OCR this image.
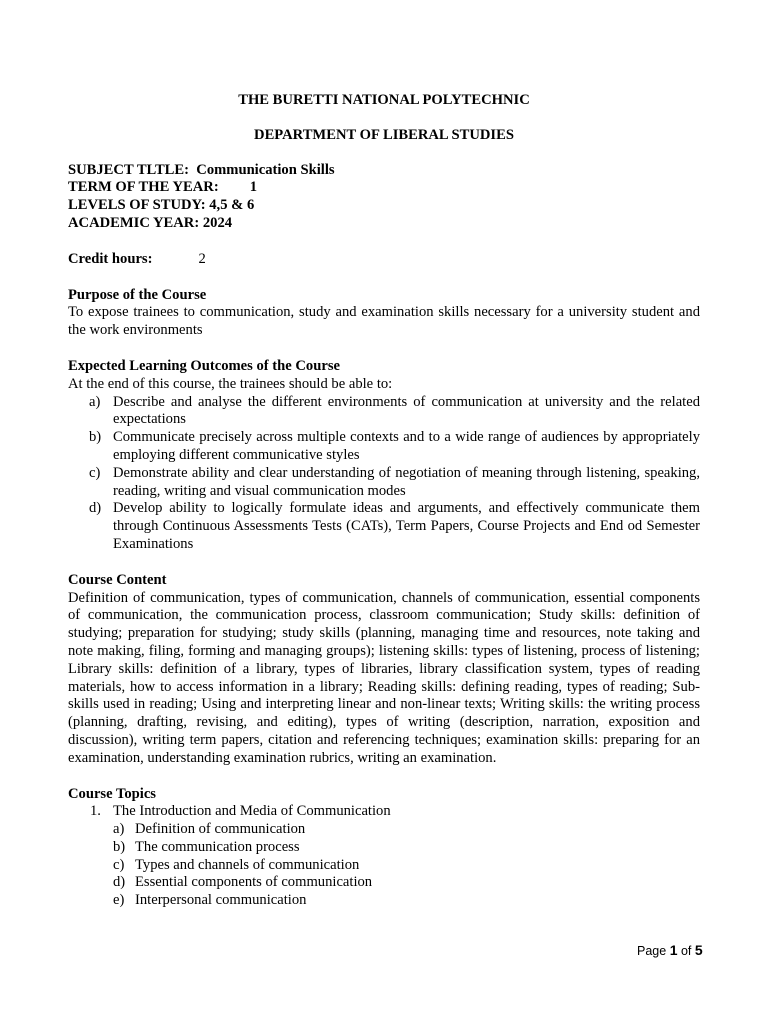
THE BURETTI NATIONAL POLYTECHNIC

DEPARTMENT OF LIBERAL STUDIES

SUBJECT TLTLE:  Communication Skills
TERM OF THE YEAR: 1
LEVELS OF STUDY: 4,5 & 6
ACADEMIC YEAR: 2024

Credit hours:	2

Purpose of the Course

To expose trainees to communication, study and examination skills necessary for a university student and the work environments

Expected Learning Outcomes of the Course

At the end of this course, the trainees should be able to:

a) Describe and analyse the different environments of communication at university and the related expectations
b) Communicate precisely across multiple contexts and to a wide range of audiences by appropriately employing different communicative styles
c) Demonstrate ability and clear understanding of negotiation of meaning through listening, speaking, reading, writing and visual communication modes
d) Develop ability to logically formulate ideas and arguments, and effectively communicate them through Continuous Assessments Tests (CATs), Term Papers, Course Projects and End od Semester Examinations

Course Content

Definition of communication, types of communication, channels of communication, essential components of communication, the communication process, classroom communication; Study skills: definition of studying; preparation for studying; study skills (planning, managing time and resources, note taking and note making, filing, forming and managing groups); listening skills: types of listening, process of listening; Library skills: definition of a library, types of libraries, library classification system, types of reading materials, how to access information in a library; Reading skills: defining reading, types of reading; Sub-skills used in reading; Using and interpreting linear and non-linear texts; Writing skills: the writing process (planning, drafting, revising, and editing), types of writing (description, narration, exposition and discussion), writing term papers, citation and referencing techniques; examination skills: preparing for an examination, understanding examination rubrics, writing an examination.

Course Topics

1. The Introduction and Media of Communication
a) Definition of communication
b) The communication process
c) Types and channels of communication
d) Essential components of communication
e) Interpersonal communication
Page 1 of 5
